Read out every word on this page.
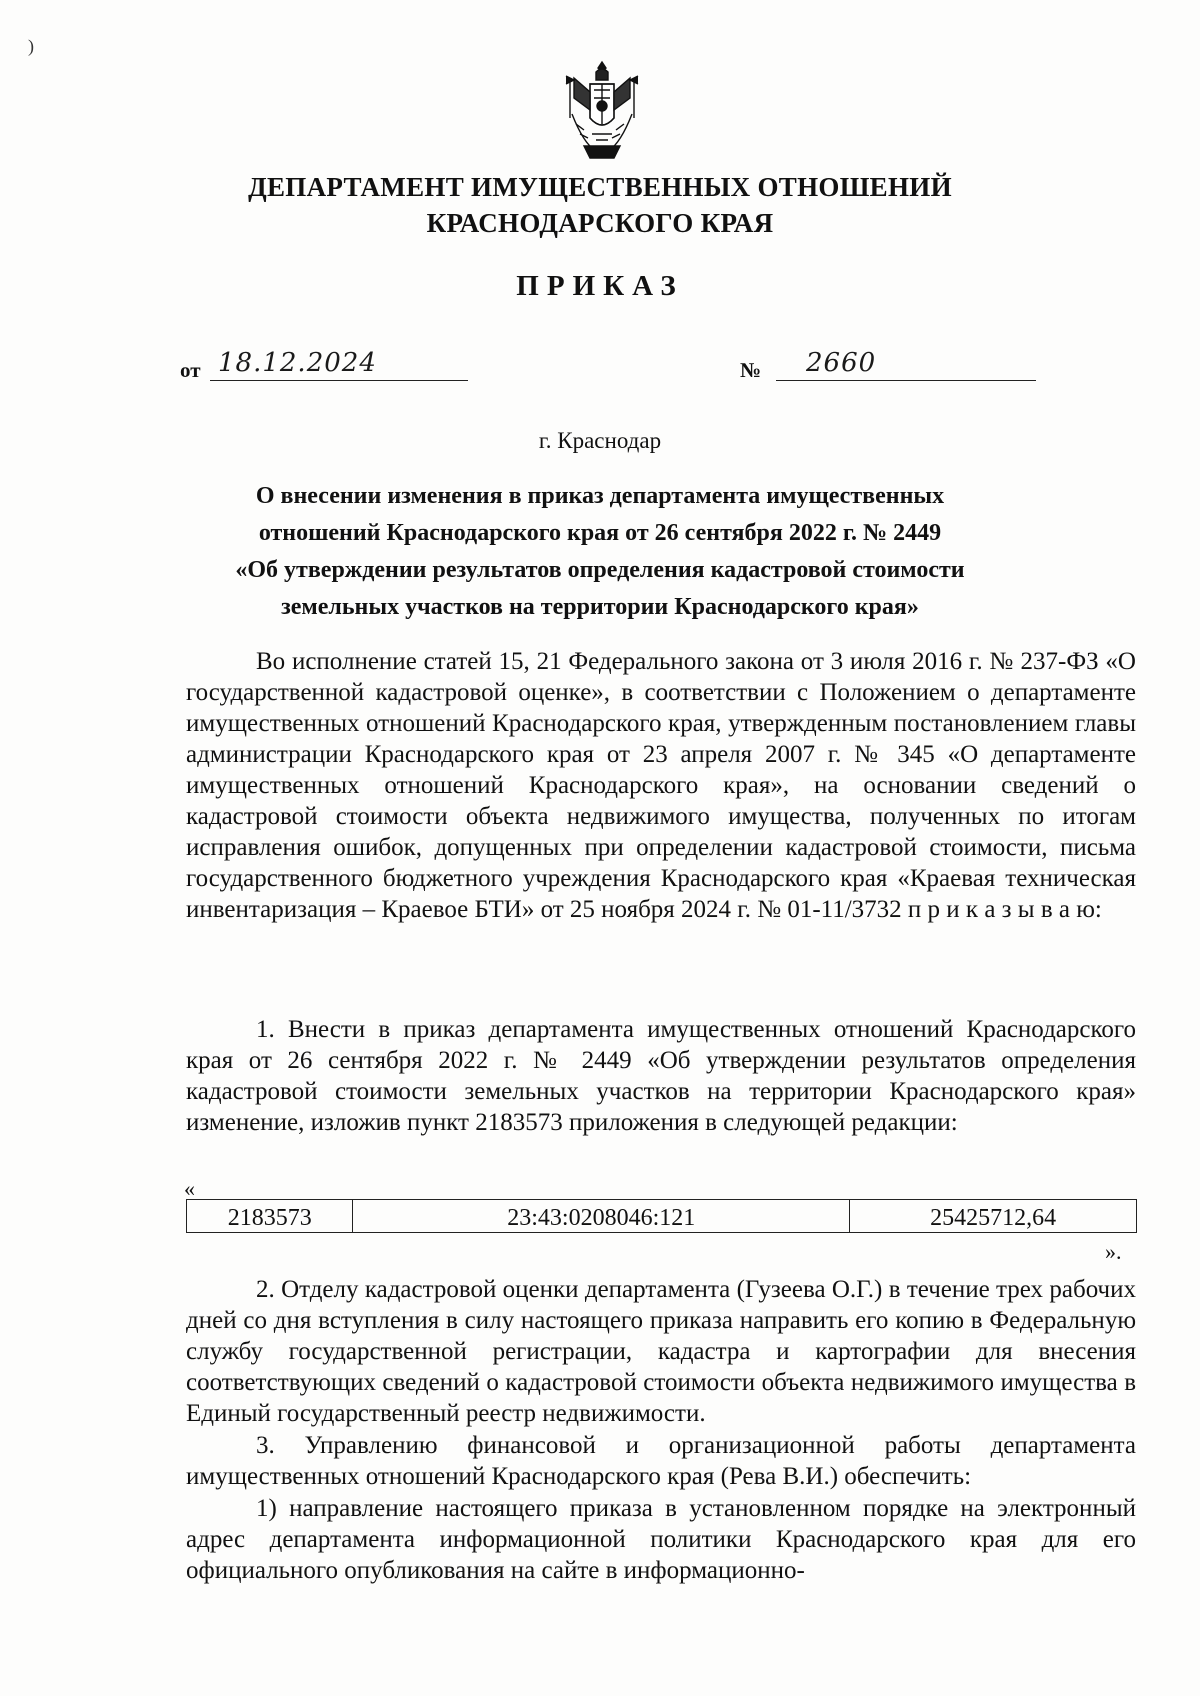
)
ДЕПАРТАМЕНТ ИМУЩЕСТВЕННЫХ ОТНОШЕНИЙ
КРАСНОДАРСКОГО КРАЯ
ПРИКАЗ
от 18.12.2024	№ 2660
г. Краснодар
О внесении изменения в приказ департамента имущественных
отношений Краснодарского края от 26 сентября 2022 г. № 2449
«Об утверждении результатов определения кадастровой стоимости
земельных участков на территории Краснодарского края»

Во исполнение статей 15, 21 Федерального закона от 3 июля 2016 г. № 237-ФЗ «О государственной кадастровой оценке», в соответствии с Положением о департаменте имущественных отношений Краснодарского края, утвержденным постановлением главы администрации Краснодарского края от 23 апреля 2007 г. № 345 «О департаменте имущественных отношений Краснодарского края», на основании сведений о кадастровой стоимости объекта недвижимого имущества, полученных по итогам исправления ошибок, допущенных при определении кадастровой стоимости, письма государственного бюджетного учреждения Краснодарского края «Краевая техническая инвентаризация – Краевое БТИ» от 25 ноября 2024 г. № 01-11/3732 п р и к а з ы в а ю:

1. Внести в приказ департамента имущественных отношений Краснодарского края от 26 сентября 2022 г. № 2449 «Об утверждении результатов определения кадастровой стоимости земельных участков на территории Краснодарского края» изменение, изложив пункт 2183573 приложения в следующей редакции:

«
2183573	23:43:0208046:121	25425712,64
».

2. Отделу кадастровой оценки департамента (Гузеева О.Г.) в течение трех рабочих дней со дня вступления в силу настоящего приказа направить его копию в Федеральную службу государственной регистрации, кадастра и картографии для внесения соответствующих сведений о кадастровой стоимости объекта недвижимого имущества в Единый государственный реестр недвижимости.

3. Управлению финансовой и организационной работы департамента имущественных отношений Краснодарского края (Рева В.И.) обеспечить:

1) направление настоящего приказа в установленном порядке на электронный адрес департамента информационной политики Краснодарского края для его официального опубликования на сайте в информационно-
